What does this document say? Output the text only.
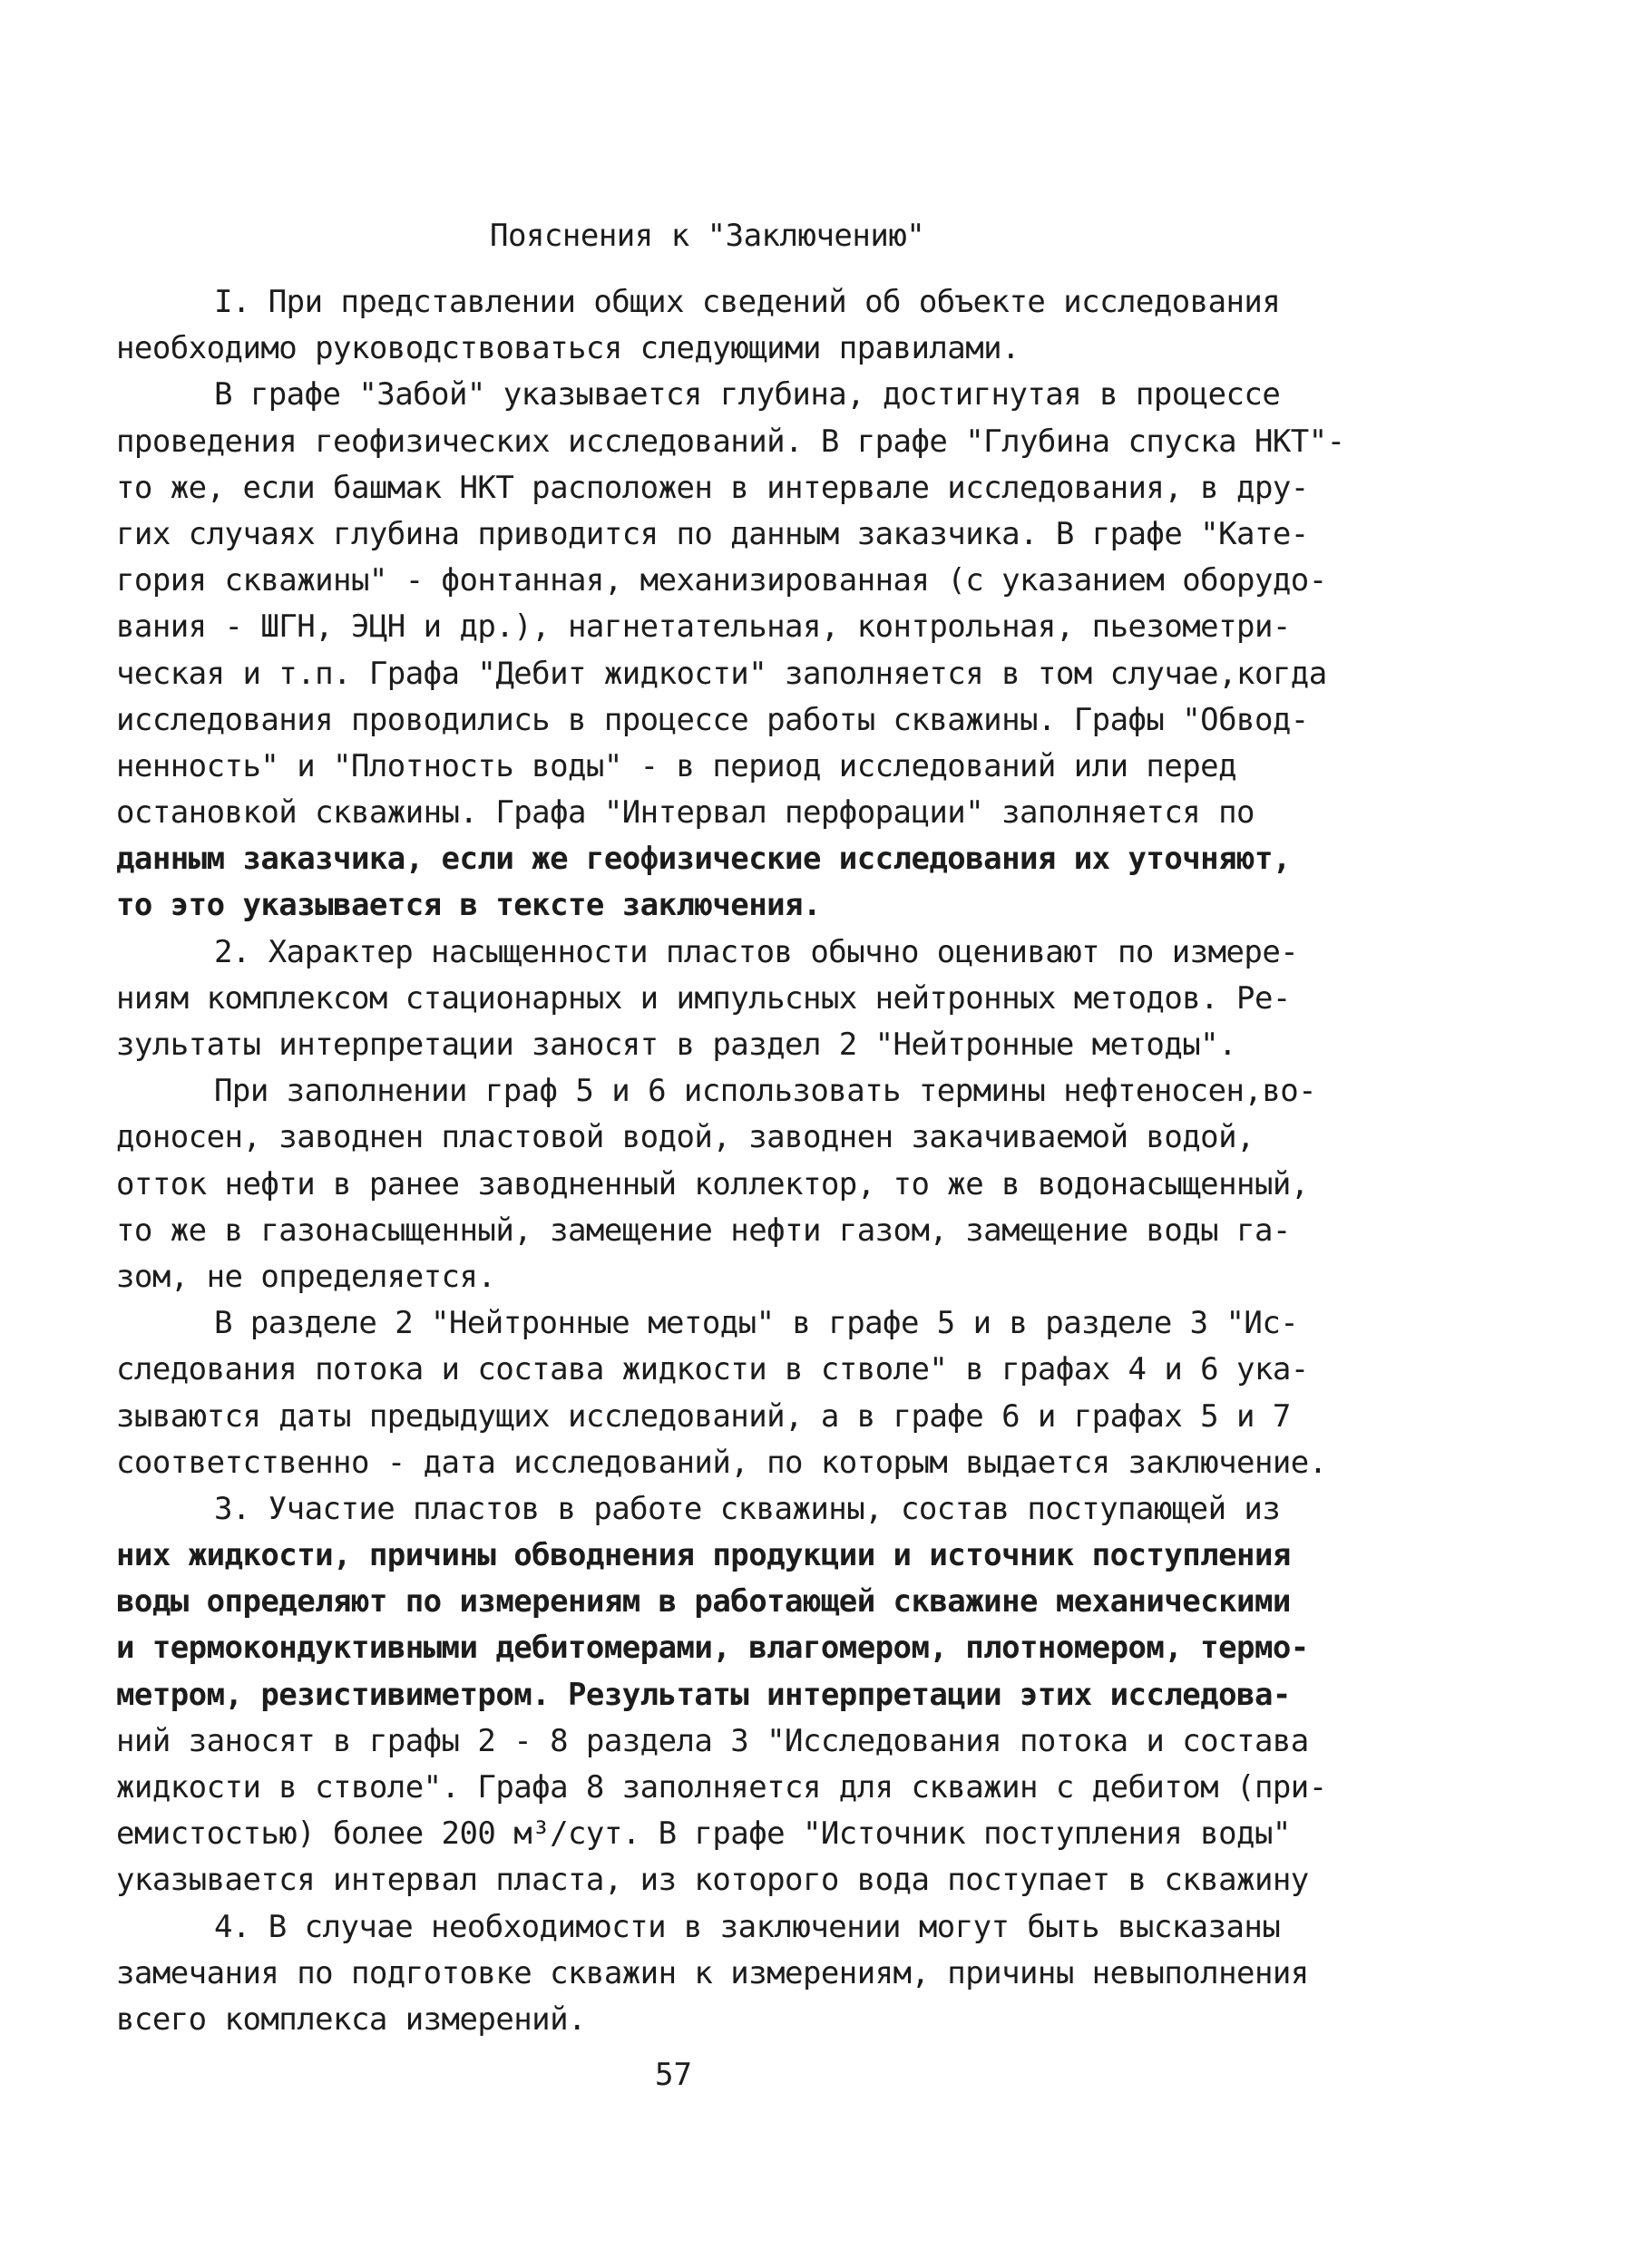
Пояснения к "Заключению"
I. При представлении общих сведений об объекте исследования
необходимо руководствоваться следующими правилами.
В графе "Забой" указывается глубина, достигнутая в процессе
проведения геофизических исследований. В графе "Глубина спуска НКТ"-
то же, если башмак НКТ расположен в интервале исследования, в дру-
гих случаях глубина приводится по данным заказчика. В графе "Кате-
гория скважины" - фонтанная, механизированная (с указанием оборудо-
вания - ШГН, ЭЦН и др.), нагнетательная, контрольная, пьезометри-
ческая и т.п. Графа "Дебит жидкости" заполняется в том случае,когда
исследования проводились в процессе работы скважины. Графы "Обвод-
ненность" и "Плотность воды" - в период исследований или перед
остановкой скважины. Графа "Интервал перфорации" заполняется по
данным заказчика, если же геофизические исследования их уточняют,
то это указывается в тексте заключения.
2. Характер насыщенности пластов обычно оценивают по измере-
ниям комплексом стационарных и импульсных нейтронных методов. Ре-
зультаты интерпретации заносят в раздел 2 "Нейтронные методы".
При заполнении граф 5 и 6 использовать термины нефтеносен,во-
доносен, заводнен пластовой водой, заводнен закачиваемой водой,
отток нефти в ранее заводненный коллектор, то же в водонасыщенный,
то же в газонасыщенный, замещение нефти газом, замещение воды га-
зом, не определяется.
В разделе 2 "Нейтронные методы" в графе 5 и в разделе 3 "Ис-
следования потока и состава жидкости в стволе" в графах 4 и 6 ука-
зываются даты предыдущих исследований, а в графе 6 и графах 5 и 7
соответственно - дата исследований, по которым выдается заключение.
3. Участие пластов в работе скважины, состав поступающей из
них жидкости, причины обводнения продукции и источник поступления
воды определяют по измерениям в работающей скважине механическими
и термокондуктивными дебитомерами, влагомером, плотномером, термо-
метром, резистивиметром. Результаты интерпретации этих исследова-
ний заносят в графы 2 - 8 раздела 3 "Исследования потока и состава
жидкости в стволе". Графа 8 заполняется для скважин с дебитом (при-
емистостью) более 200 м³/сут. В графе "Источник поступления воды"
указывается интервал пласта, из которого вода поступает в скважину
4. В случае необходимости в заключении могут быть высказаны
замечания по подготовке скважин к измерениям, причины невыполнения
всего комплекса измерений.
57
